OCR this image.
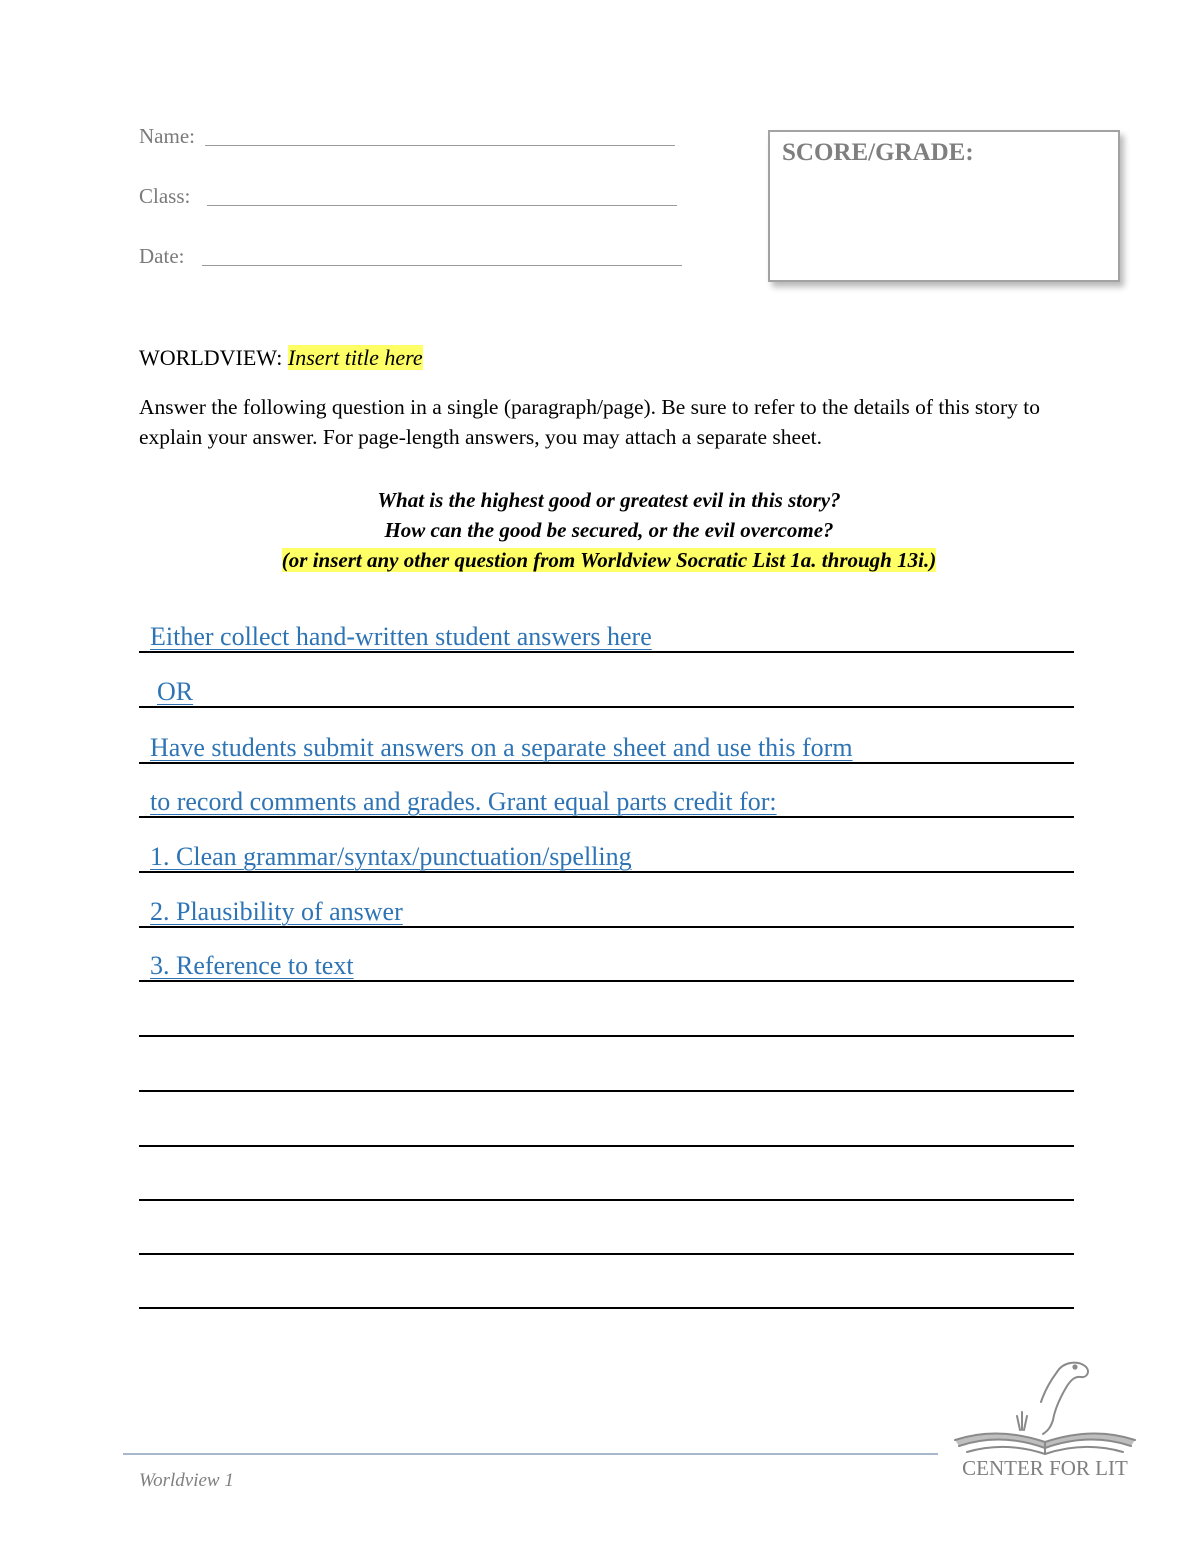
Name:
Class:
Date:
SCORE/GRADE:
WORLDVIEW: Insert title here
Answer the following question in a single (paragraph/page). Be sure to refer to the details of this story to explain your answer. For page-length answers, you may attach a separate sheet.
What is the highest good or greatest evil in this story?
How can the good be secured, or the evil overcome?
(or insert any other question from Worldview Socratic List 1a. through 13i.)
Either collect hand-written student answers here
OR
Have students submit answers on a separate sheet and use this form
to record comments and grades. Grant equal parts credit for:
1. Clean grammar/syntax/punctuation/spelling
2. Plausibility of answer
3. Reference to text
Worldview 1
CENTER FOR LIT
